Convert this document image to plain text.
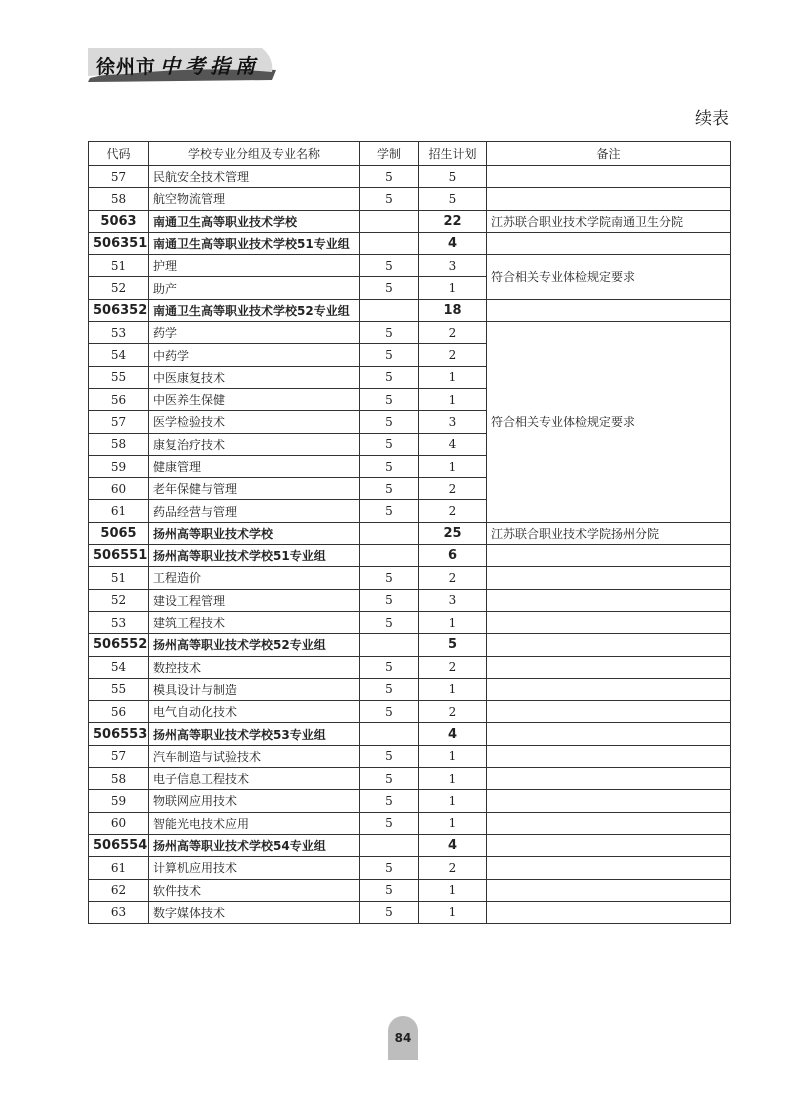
徐州市 中考指南
续表
代码	学校专业分组及专业名称	学制	招生计划	备注
57	民航安全技术管理	5	5	
58	航空物流管理	5	5	
5063	南通卫生高等职业技术学校		22	江苏联合职业技术学院南通卫生分院
506351	南通卫生高等职业技术学校51专业组		4	
51	护理	5	3	符合相关专业体检规定要求
52	助产	5	1	
506352	南通卫生高等职业技术学校52专业组		18	
53	药学	5	2	符合相关专业体检规定要求
54	中药学	5	2	
55	中医康复技术	5	1	
56	中医养生保健	5	1	
57	医学检验技术	5	3	
58	康复治疗技术	5	4	
59	健康管理	5	1	
60	老年保健与管理	5	2	
61	药品经营与管理	5	2	
5065	扬州高等职业技术学校		25	江苏联合职业技术学院扬州分院
506551	扬州高等职业技术学校51专业组		6	
51	工程造价	5	2	
52	建设工程管理	5	3	
53	建筑工程技术	5	1	
506552	扬州高等职业技术学校52专业组		5	
54	数控技术	5	2	
55	模具设计与制造	5	1	
56	电气自动化技术	5	2	
506553	扬州高等职业技术学校53专业组		4	
57	汽车制造与试验技术	5	1	
58	电子信息工程技术	5	1	
59	物联网应用技术	5	1	
60	智能光电技术应用	5	1	
506554	扬州高等职业技术学校54专业组		4	
61	计算机应用技术	5	2	
62	软件技术	5	1	
63	数字媒体技术	5	1	
84
